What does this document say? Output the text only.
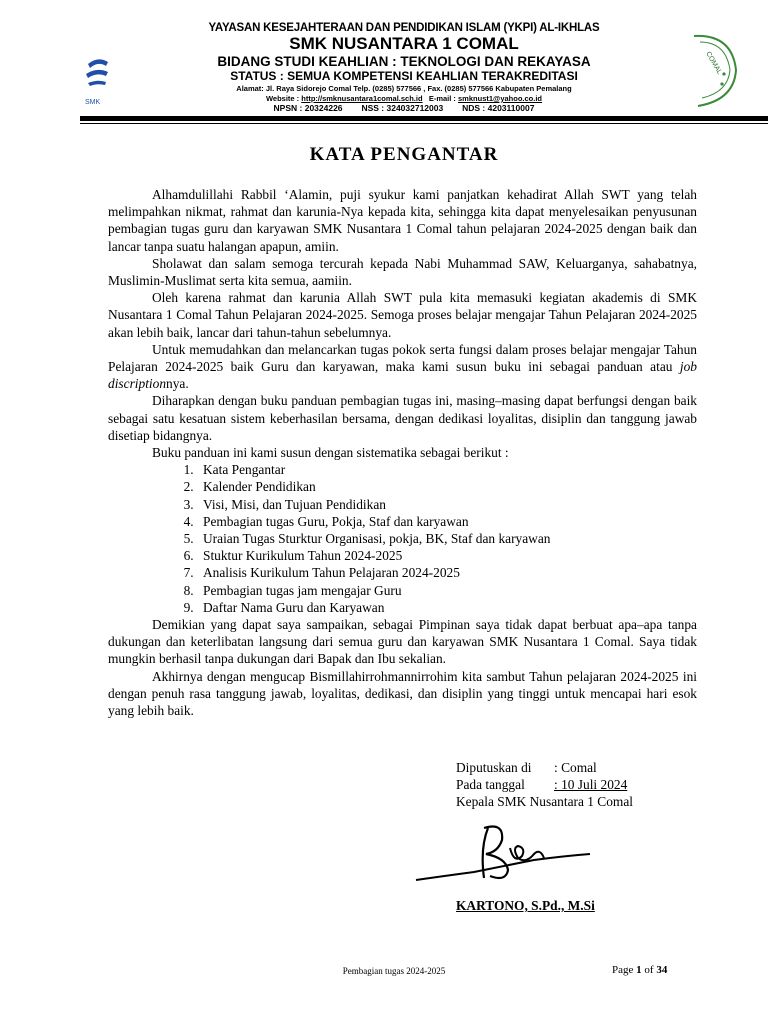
SMK
COMAL
YAYASAN KESEJAHTERAAN DAN PENDIDIKAN ISLAM (YKPI) AL-IKHLAS
SMK NUSANTARA 1 COMAL
BIDANG STUDI KEAHLIAN : TEKNOLOGI DAN REKAYASA
STATUS : SEMUA KOMPETENSI KEAHLIAN TERAKREDITASI
Alamat: Jl. Raya Sidorejo Comal Telp. (0285) 577566 , Fax. (0285) 577566 Kabupaten Pemalang
Website : http://smknusantara1comal.sch.id E-mail : smknust1@yahoo.co.id
NPSN : 20324226 NSS : 324032712003 NDS : 4203110007
KATA PENGANTAR

Alhamdulillahi Rabbil ‘Alamin, puji syukur kami panjatkan kehadirat Allah SWT yang telah melimpahkan nikmat, rahmat dan karunia-Nya kepada kita, sehingga kita dapat menyelesaikan penyusunan pembagian tugas guru dan karyawan SMK Nusantara 1 Comal tahun pelajaran 2024-2025 dengan baik dan lancar tanpa suatu halangan apapun, amiin.

Sholawat dan salam semoga tercurah kepada Nabi Muhammad SAW, Keluarganya, sahabatnya, Muslimin-Muslimat serta kita semua, aamiin.

Oleh karena rahmat dan karunia Allah SWT pula kita memasuki kegiatan akademis di SMK Nusantara 1 Comal Tahun Pelajaran 2024-2025. Semoga proses belajar mengajar Tahun Pelajaran 2024-2025 akan lebih baik, lancar dari tahun-tahun sebelumnya.

Untuk memudahkan dan melancarkan tugas pokok serta fungsi dalam proses belajar mengajar Tahun Pelajaran 2024-2025 baik Guru dan karyawan, maka kami susun buku ini sebagai panduan atau job discriptionnya.

Diharapkan dengan buku panduan pembagian tugas ini, masing–masing dapat berfungsi dengan baik sebagai satu kesatuan sistem keberhasilan bersama, dengan dedikasi loyalitas, disiplin dan tanggung jawab disetiap bidangnya.

Buku panduan ini kami susun dengan sistematika sebagai berikut :

1. Kata Pengantar
2. Kalender Pendidikan
3. Visi, Misi, dan Tujuan Pendidikan
4. Pembagian tugas Guru, Pokja, Staf dan karyawan
5. Uraian Tugas Sturktur Organisasi, pokja, BK, Staf dan karyawan
6. Stuktur Kurikulum Tahun 2024-2025
7. Analisis Kurikulum Tahun Pelajaran 2024-2025
8. Pembagian tugas jam mengajar Guru
9. Daftar Nama Guru dan Karyawan

Demikian yang dapat saya sampaikan, sebagai Pimpinan saya tidak dapat berbuat apa–apa tanpa dukungan dan keterlibatan langsung dari semua guru dan karyawan SMK Nusantara 1 Comal. Saya tidak mungkin berhasil tanpa dukungan dari Bapak dan Ibu sekalian.

Akhirnya dengan mengucap Bismillahirrohmannirrohim kita sambut Tahun pelajaran 2024-2025 ini dengan penuh rasa tanggung jawab, loyalitas, dedikasi, dan disiplin yang tinggi untuk mencapai hari esok yang lebih baik.

Diputuskan di : Comal
Pada tanggal : 10 Juli 2024
Kepala SMK Nusantara 1 Comal
KARTONO, S.Pd., M.Si
Pembagian tugas 2024-2025	Page 1 of 34
